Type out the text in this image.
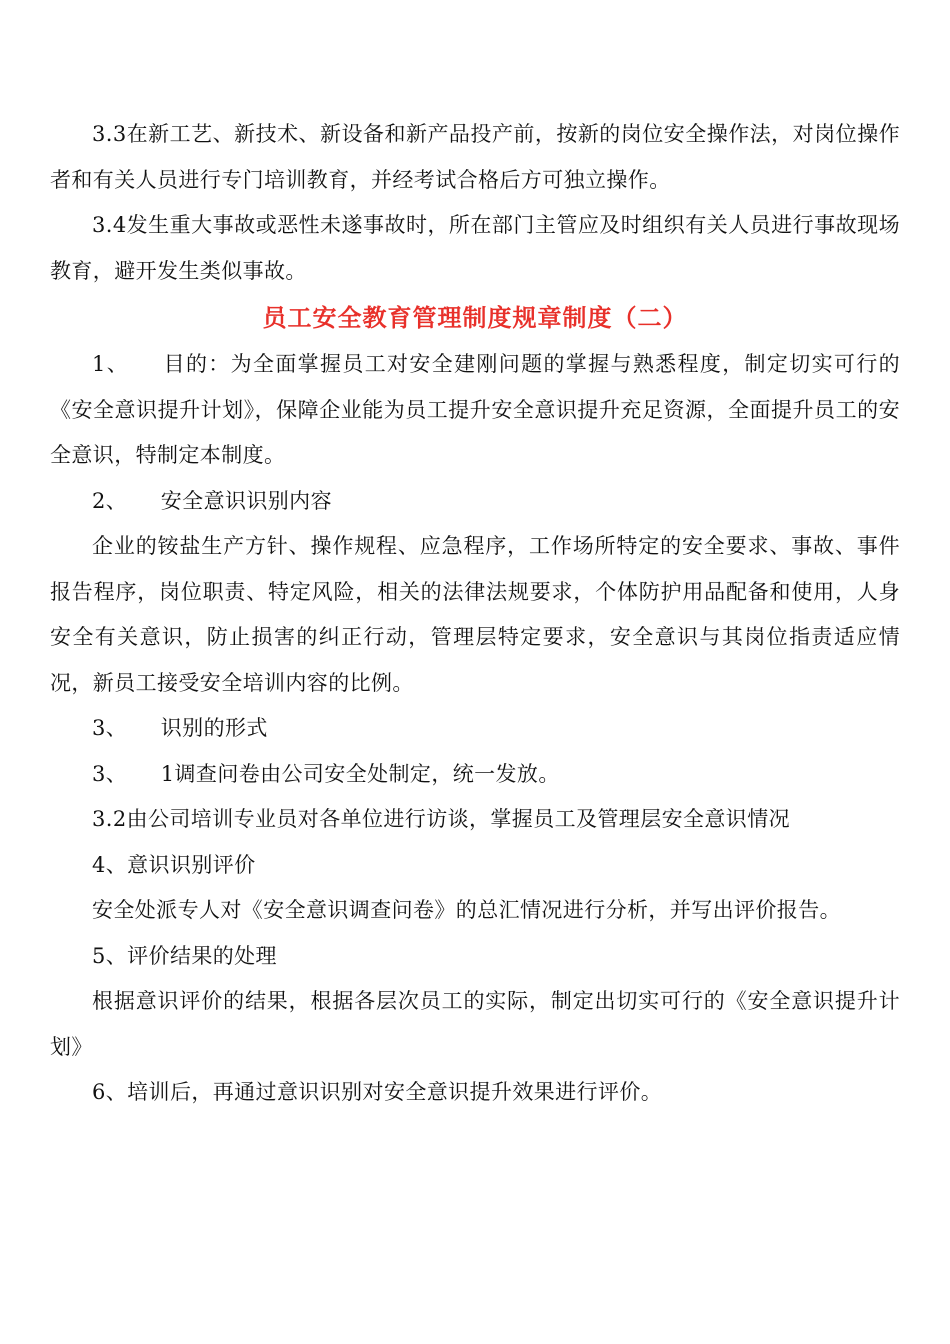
3.3在新工艺、新技术、新设备和新产品投产前，按新的岗位安全操作法，对岗位操作者和有关人员进行专门培训教育，并经考试合格后方可独立操作。

3.4发生重大事故或恶性未遂事故时，所在部门主管应及时组织有关人员进行事故现场教育，避开发生类似事故。

员工安全教育管理制度规章制度（二）

1、 目的：为全面掌握员工对安全建刚问题的掌握与熟悉程度，制定切实可行的《安全意识提升计划》，保障企业能为员工提升安全意识提升充足资源，全面提升员工的安全意识，特制定本制度。

2、 安全意识识别内容

企业的铵盐生产方针、操作规程、应急程序，工作场所特定的安全要求、事故、事件报告程序，岗位职责、特定风险，相关的法律法规要求，个体防护用品配备和使用，人身安全有关意识，防止损害的纠正行动，管理层特定要求，安全意识与其岗位指责适应情况，新员工接受安全培训内容的比例。

3、 识别的形式

3、 1调查问卷由公司安全处制定，统一发放。

3.2由公司培训专业员对各单位进行访谈，掌握员工及管理层安全意识情况

4、意识识别评价

安全处派专人对《安全意识调查问卷》的总汇情况进行分析，并写出评价报告。

5、评价结果的处理

根据意识评价的结果，根据各层次员工的实际，制定出切实可行的《安全意识提升计划》

6、培训后，再通过意识识别对安全意识提升效果进行评价。
